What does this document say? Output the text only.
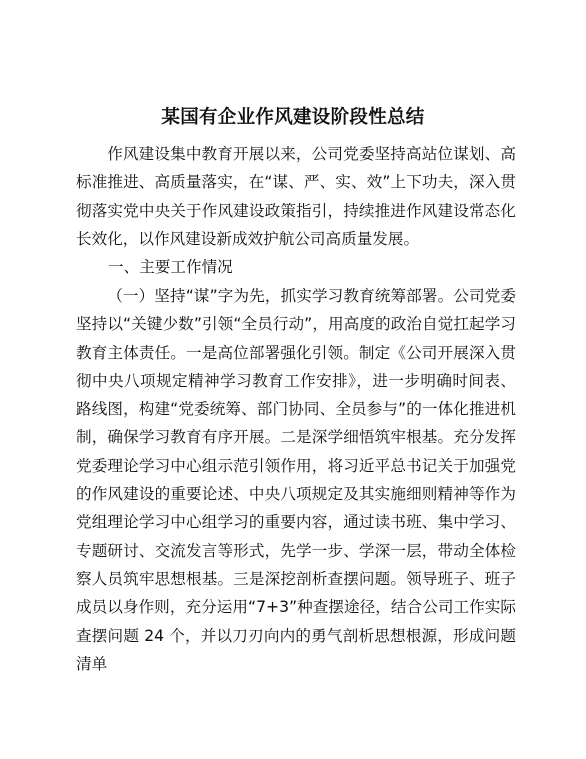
某国有企业作风建设阶段性总结

作风建设集中教育开展以来，公司党委坚持高站位谋划、高标准推进、高质量落实，在“谋、严、实、效”上下功夫，深入贯彻落实党中央关于作风建设政策指引，持续推进作风建设常态化长效化，以作风建设新成效护航公司高质量发展。

一、主要工作情况

（一）坚持“谋”字为先，抓实学习教育统筹部署。公司党委坚持以“关键少数”引领“全员行动”，用高度的政治自觉扛起学习教育主体责任。一是高位部署强化引领。制定《公司开展深入贯彻中央八项规定精神学习教育工作安排》，进一步明确时间表、路线图，构建“党委统筹、部门协同、全员参与”的一体化推进机制，确保学习教育有序开展。二是深学细悟筑牢根基。充分发挥党委理论学习中心组示范引领作用，将习近平总书记关于加强党的作风建设的重要论述、中央八项规定及其实施细则精神等作为党组理论学习中心组学习的重要内容，通过读书班、集中学习、专题研讨、交流发言等形式，先学一步、学深一层，带动全体检察人员筑牢思想根基。三是深挖剖析查摆问题。领导班子、班子成员以身作则，充分运用“7+3”种查摆途径，结合公司工作实际查摆问题 24 个，并以刀刃向内的勇气剖析思想根源，形成问题清单
